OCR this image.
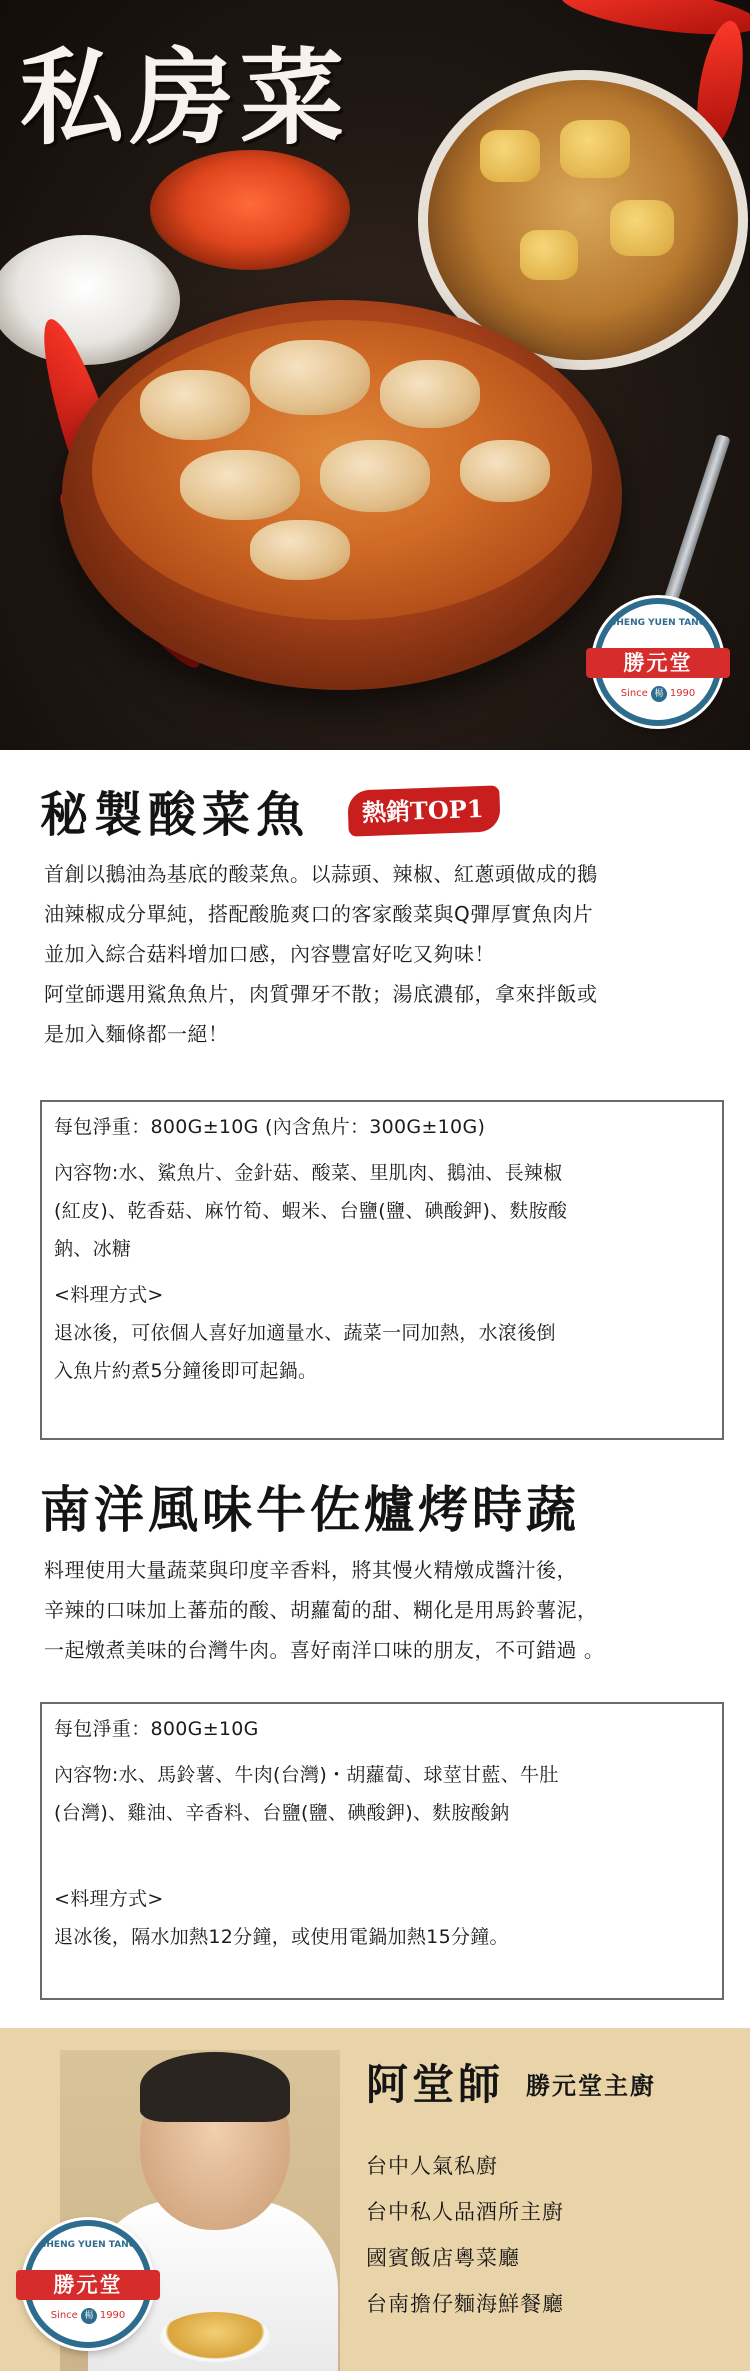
私房菜
SHENG YUEN TANG
勝元堂
Since 楊 1990
秘製酸菜魚	熱銷TOP1
首創以鵝油為基底的酸菜魚。以蒜頭、辣椒、紅蔥頭做成的鵝
油辣椒成分單純，搭配酸脆爽口的客家酸菜與Q彈厚實魚肉片
並加入綜合菇料增加口感，內容豐富好吃又夠味！
阿堂師選用鯊魚魚片，肉質彈牙不散；湯底濃郁，拿來拌飯或
是加入麵條都一絕！
每包淨重：800G±10G (內含魚片：300G±10G)
內容物:水、鯊魚片、金針菇、酸菜、里肌肉、鵝油、長辣椒
(紅皮)、乾香菇、麻竹筍、蝦米、台鹽(鹽、碘酸鉀)、麩胺酸
鈉、冰糖
<料理方式>
退冰後，可依個人喜好加適量水、蔬菜一同加熱，水滾後倒
入魚片約煮5分鐘後即可起鍋。
南洋風味牛佐爐烤時蔬
料理使用大量蔬菜與印度辛香料，將其慢火精燉成醬汁後，
辛辣的口味加上蕃茄的酸、胡蘿蔔的甜、糊化是用馬鈴薯泥，
一起燉煮美味的台灣牛肉。喜好南洋口味的朋友，不可錯過 。
每包淨重：800G±10G
內容物:水、馬鈴薯、牛肉(台灣)・胡蘿蔔、球莖甘藍、牛肚
(台灣)、雞油、辛香料、台鹽(鹽、碘酸鉀)、麩胺酸鈉
<料理方式>
退冰後，隔水加熱12分鐘，或使用電鍋加熱15分鐘。
SHENG YUEN TANG
勝元堂
Since 楊 1990
阿堂師 勝元堂主廚
台中人氣私廚
台中私人品酒所主廚
國賓飯店粵菜廳
台南擔仔麵海鮮餐廳
